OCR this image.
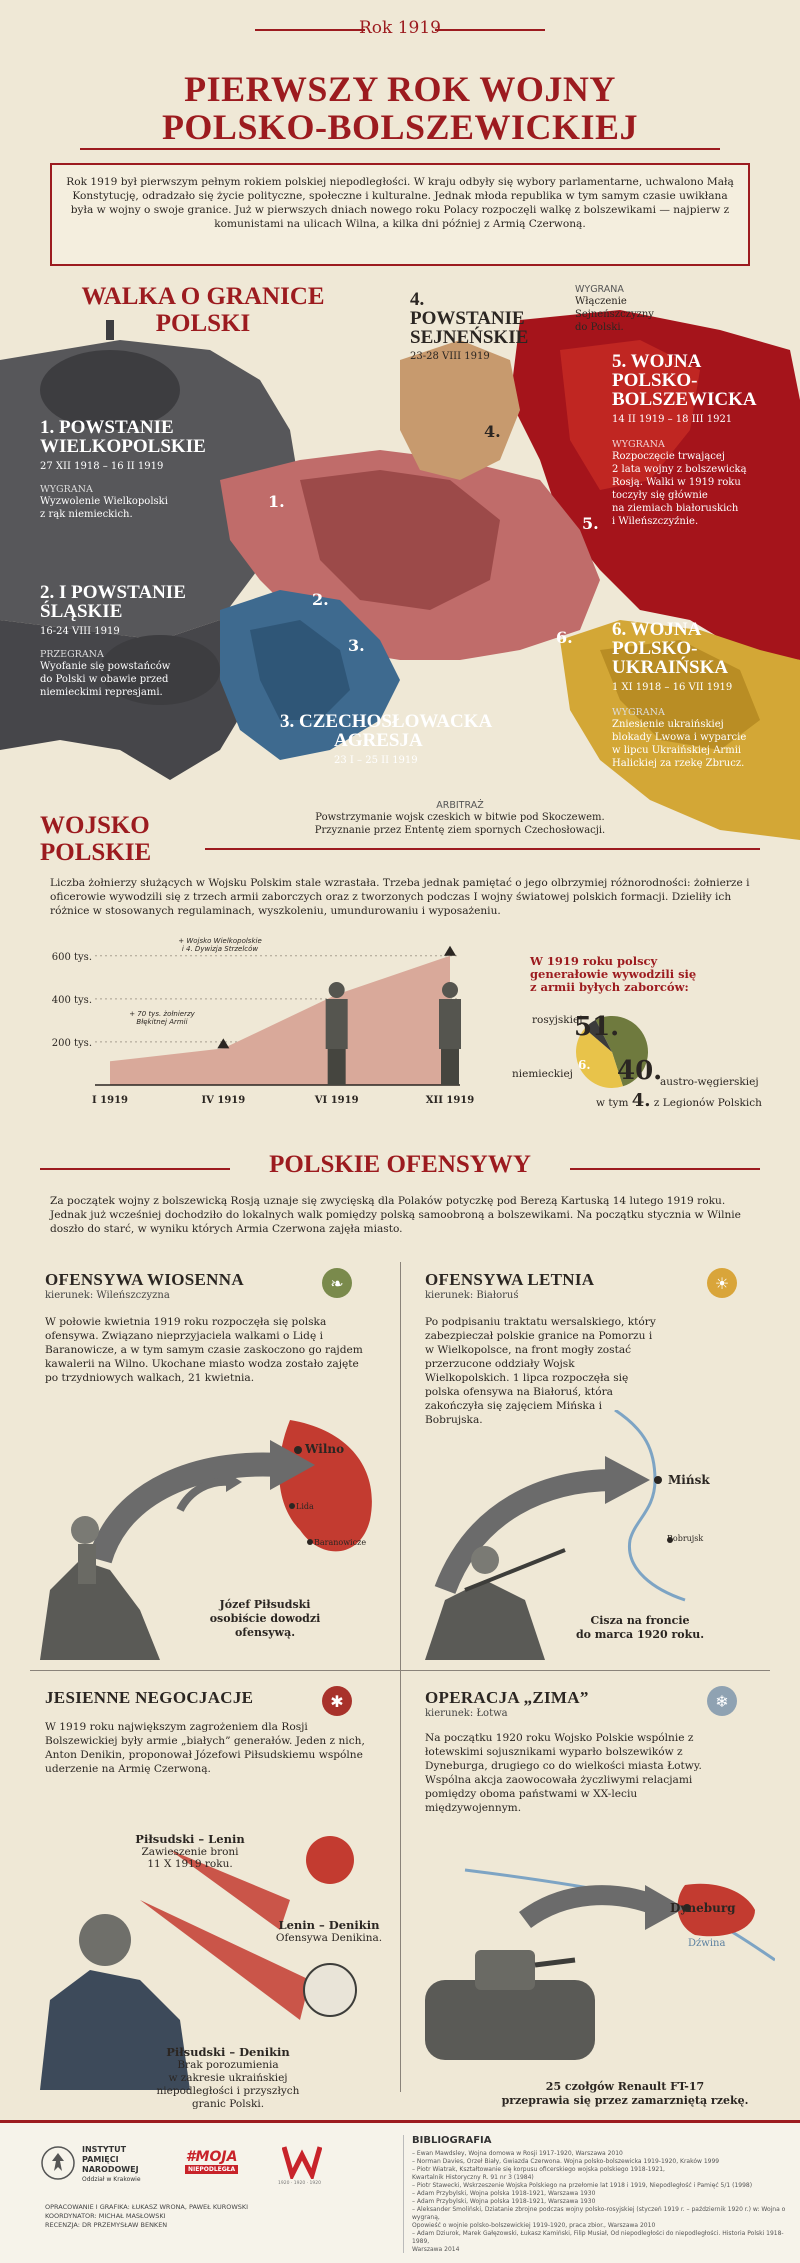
Rok 1919
PIERWSZY ROK WOJNY
POLSKO-BOLSZEWICKIEJ

Rok 1919 był pierwszym pełnym rokiem polskiej niepodległości. W kraju odbyły się wybory parlamentarne, uchwalono Małą Konstytucję, odradzało się życie polityczne, społeczne i kulturalne. Jednak młoda republika w tym samym czasie uwikłana była w wojny o swoje granice. Już w pierwszych dniach nowego roku Polacy rozpoczęli walkę z bolszewikami — najpierw z komunistami na ulicach Wilna, a kilka dni później z Armią Czerwoną.

WALKA O GRANICE
POLSKI
1. POWSTANIE
WIELKOPOLSKIE
27 XII 1918 – 16 II 1919
WYGRANA
Wyzwolenie Wielkopolski
z rąk niemieckich.
1.
2. I POWSTANIE
ŚLĄSKIE
16-24 VIII 1919
PRZEGRANA
Wyofanie się powstańców
do Polski w obawie przed
niemieckimi represjami.
2.
3. CZECHOSŁOWACKA
AGRESJA
23 I – 25 II 1919
3.
ARBITRAŻ
Powstrzymanie wojsk czeskich w bitwie pod Skoczewem.
Przyznanie przez Ententę ziem spornych Czechosłowacji.
4. POWSTANIE
SEJNEŃSKIE
23-28 VIII 1919
WYGRANA
Włączenie Sejneńszczyzny
do Polski.
4.
5. WOJNA
POLSKO-
BOLSZEWICKA
14 II 1919 – 18 III 1921
WYGRANA
Rozpoczęcie trwającej
2 lata wojny z bolszewicką
Rosją. Walki w 1919 roku
toczyły się głównie
na ziemiach białoruskich
i Wileńszczyźnie.
5.
6. WOJNA
POLSKO-
UKRAIŃSKA
1 XI 1918 – 16 VII 1919
WYGRANA
Zniesienie ukraińskiej
blokady Lwowa i wyparcie
w lipcu Ukraińskiej Armii
Halickiej za rzekę Zbrucz.
6.
WOJSKO
POLSKIE
Liczba żołnierzy służących w Wojsku Polskim stale wzrastała. Trzeba jednak pamiętać o jego olbrzymiej różnorodności: żołnierze i oficerowie wywodzili się z trzech armii zaborczych oraz z tworzonych podczas I wojny światowej polskich formacji. Dzieliły ich różnice w stosowanych regulaminach, wyszkoleniu, umundurowaniu i wyposażeniu.
200 tys.
400 tys.
600 tys.
I 1919	IV 1919	VI 1919	XII 1919
+ Wojsko Wielkopolskie
i 4. Dywizja Strzelców
+ 70 tys. żołnierzy
Błękitnej Armii
W 1919 roku polscy
generałowie wywodzili się
z armii byłych zaborców:
rosyjskiej
51.
niemieckiej
6. 40.
austro-węgierskiej
w tym 4. z Legionów Polskich
POLSKIE OFENSYWY
Za początek wojny z bolszewicką Rosją uznaje się zwycięską dla Polaków potyczkę pod Berezą Kartuską 14 lutego 1919 roku. Jednak już wcześniej dochodziło do lokalnych walk pomiędzy polską samoobroną a bolszewikami. Na początku stycznia w Wilnie doszło do starć, w wyniku których Armia Czerwona zajęła miasto.
OFENSYWA WIOSENNA
kierunek: Wileńszczyzna
W połowie kwietnia 1919 roku rozpoczęła się polska ofensywa. Związano nieprzyjaciela walkami o Lidę i Baranowicze, a w tym samym czasie zaskoczono go rajdem kawalerii na Wilno. Ukochane miasto wodza zostało zajęte po trzydniowych walkach, 21 kwietnia.
❧	OFENSYWA LETNIA
kierunek: Białoruś
Po podpisaniu traktatu wersalskiego, który zabezpieczał polskie granice na Pomorzu i w Wielkopolsce, na front mogły zostać przerzucone oddziały Wojsk Wielkopolskich. 1 lipca rozpoczęła się polska ofensywa na Białoruś, która zakończyła się zajęciem Mińska i Bobrujska.
☀
Wilno
Lida
Baranowicze
Józef Piłsudski
osobiście dowodzi
ofensywą.
Mińsk
Bobrujsk
Cisza na froncie
do marca 1920 roku.
JESIENNE NEGOCJACJE
W 1919 roku największym zagrożeniem dla Rosji Bolszewickiej były armie „białych” generałów. Jeden z nich, Anton Denikin, proponował Józefowi Piłsudskiemu wspólne uderzenie na Armię Czerwoną.
✱
Piłsudski – Lenin
Zawieszenie broni
11 X 1919 roku.
Lenin – Denikin
Ofensywa Denikina.
Piłsudski – Denikin
Brak porozumienia
w zakresie ukraińskiej
niepodległości i przyszłych
granic Polski.
OPERACJA „ZIMA”
kierunek: Łotwa
Na początku 1920 roku Wojsko Polskie wspólnie z łotewskimi sojusznikami wyparło bolszewików z Dyneburga, drugiego co do wielkości miasta Łotwy. Wspólna akcja zaowocowała życzliwymi relacjami pomiędzy oboma państwami w XX-leciu międzywojennym.
❄
Dyneburg
Dźwina
25 czołgów Renault FT-17
przeprawia się przez zamarzniętą rzekę.
INSTYTUT
PAMIĘCI
NARODOWEJ
Oddział w Krakowie
#MOJA
NIEPODLEGŁA
1920 · 1920 · 1920
OPRACOWANIE I GRAFIKA: ŁUKASZ WRONA, PAWEŁ KUROWSKI
KOORDYNATOR: MICHAŁ MASŁOWSKI
RECENZJA: DR PRZEMYSŁAW BENKEN
BIBLIOGRAFIA
– Ewan Mawdsley, Wojna domowa w Rosji 1917-1920, Warszawa 2010
– Norman Davies, Orzeł Biały, Gwiazda Czerwona. Wojna polsko-bolszewicka 1919-1920, Kraków 1999
– Piotr Wiatrak, Kształtowanie się korpusu oficerskiego wojska polskiego 1918-1921,
Kwartalnik Historyczny R. 91 nr 3 (1984)
– Piotr Stawecki, Wskrzeszenie Wojska Polskiego na przełomie lat 1918 i 1919, Niepodległość i Pamięć 5/1 (1998)
– Adam Przybylski, Wojna polska 1918-1921, Warszawa 1930
– Adam Przybylski, Wojna polska 1918-1921, Warszawa 1930
– Aleksander Smoliński, Dziatanie zbrojne podczas wojny polsko-rosyjskiej (styczeń 1919 r. – październik 1920 r.) w: Wojna o wygraną,
Opowieść o wojnie polsko-bolszewickiej 1919-1920, praca zbior., Warszawa 2010
– Adam Dziurok, Marek Gałęzowski, Łukasz Kamiński, Filip Musiał, Od niepodległości do niepodległości. Historia Polski 1918-1989,
Warszawa 2014
